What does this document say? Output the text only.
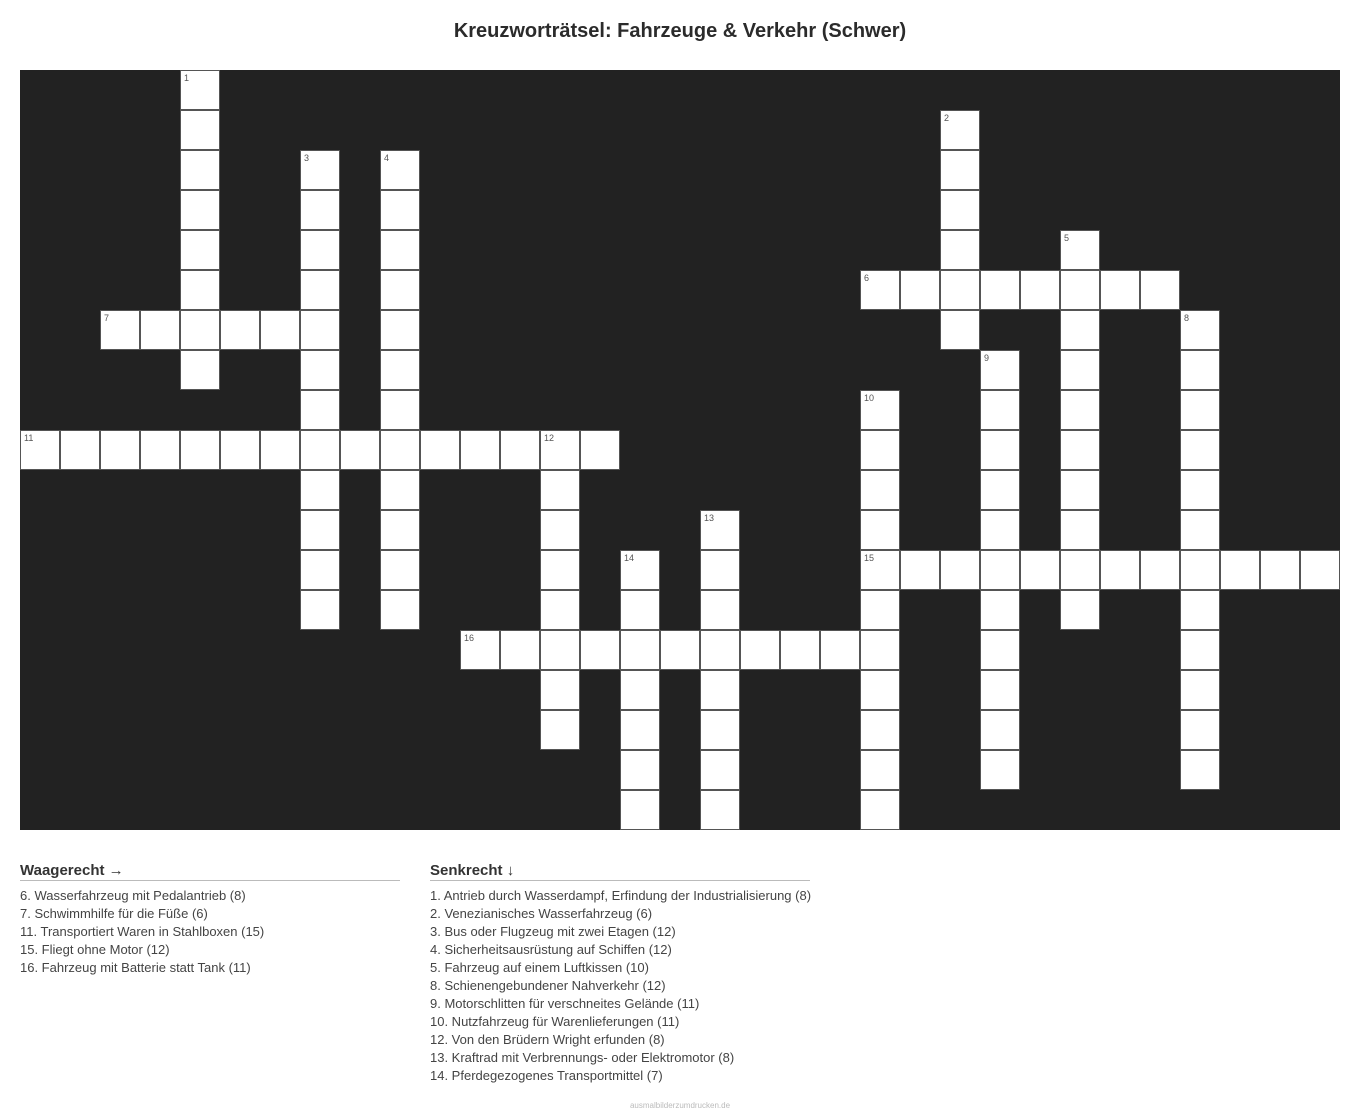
Kreuzworträtsel: Fahrzeuge & Verkehr (Schwer)
6
7
11	12
15
16
1
2
3	4
5
8
9
10
13
14
Waagerecht →
6. Wasserfahrzeug mit Pedalantrieb (8)
7. Schwimmhilfe für die Füße (6)
11. Transportiert Waren in Stahlboxen (15)
15. Fliegt ohne Motor (12)
16. Fahrzeug mit Batterie statt Tank (11)
Senkrecht ↓
1. Antrieb durch Wasserdampf, Erfindung der Industrialisierung (8)
2. Venezianisches Wasserfahrzeug (6)
3. Bus oder Flugzeug mit zwei Etagen (12)
4. Sicherheitsausrüstung auf Schiffen (12)
5. Fahrzeug auf einem Luftkissen (10)
8. Schienengebundener Nahverkehr (12)
9. Motorschlitten für verschneites Gelände (11)
10. Nutzfahrzeug für Warenlieferungen (11)
12. Von den Brüdern Wright erfunden (8)
13. Kraftrad mit Verbrennungs- oder Elektromotor (8)
14. Pferdegezogenes Transportmittel (7)
ausmalbilderzumdrucken.de
